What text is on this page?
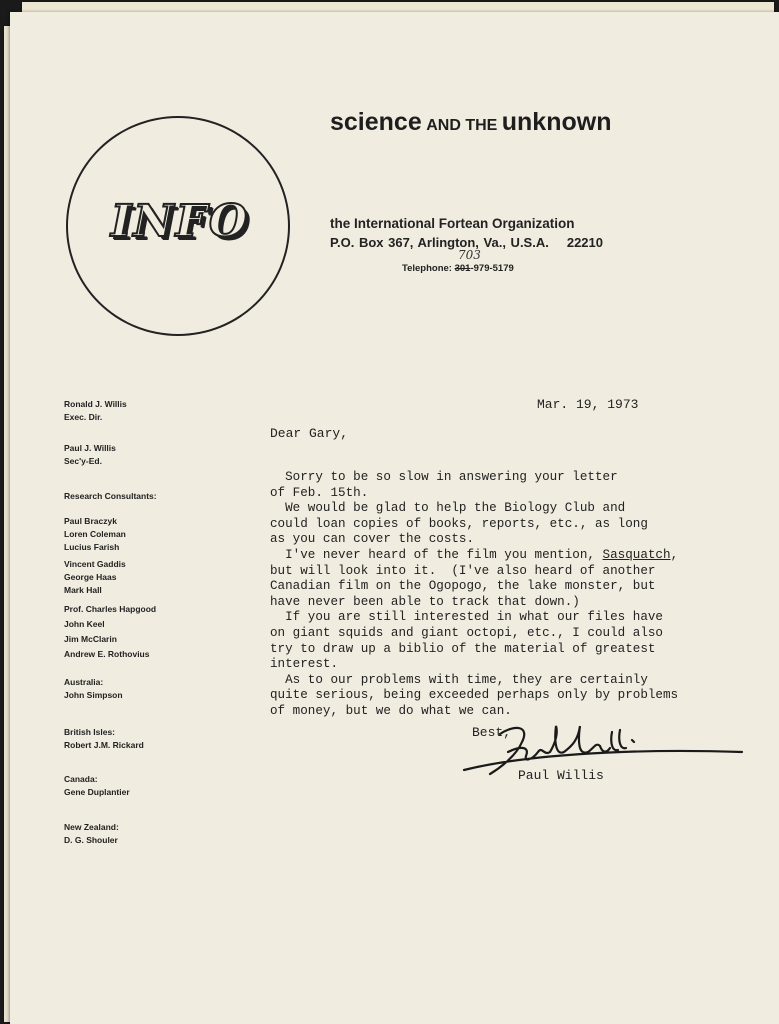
INFO
science AND THE unknown
the International Fortean Organization
P.O. Box 367, Arlington, Va., U.S.A. 22210
703
Telephone: 301-979-5179
Ronald J. Willis
Exec. Dir.
Paul J. Willis
Sec'y-Ed.
Research Consultants:
Paul Braczyk
Loren Coleman
Lucius Farish
Vincent Gaddis
George Haas
Mark Hall
Prof. Charles Hapgood
John Keel
Jim McClarin
Andrew E. Rothovius
Australia:
John Simpson
British Isles:
Robert J.M. Rickard
Canada:
Gene Duplantier
New Zealand:
D. G. Shouler
Mar. 19, 1973
Dear Gary,
Sorry to be so slow in answering your letter
of Feb. 15th.
We would be glad to help the Biology Club and
could loan copies of books, reports, etc., as long
as you can cover the costs.
I've never heard of the film you mention, Sasquatch,
but will look into it.  (I've also heard of another
Canadian film on the Ogopogo, the lake monster, but
have never been able to track that down.)
If you are still interested in what our files have
on giant squids and giant octopi, etc., I could also
try to draw up a biblio of the material of greatest
interest.
As to our problems with time, they are certainly
quite serious, being exceeded perhaps only by problems
of money, but we do what we can.
Best,
Paul Willis
